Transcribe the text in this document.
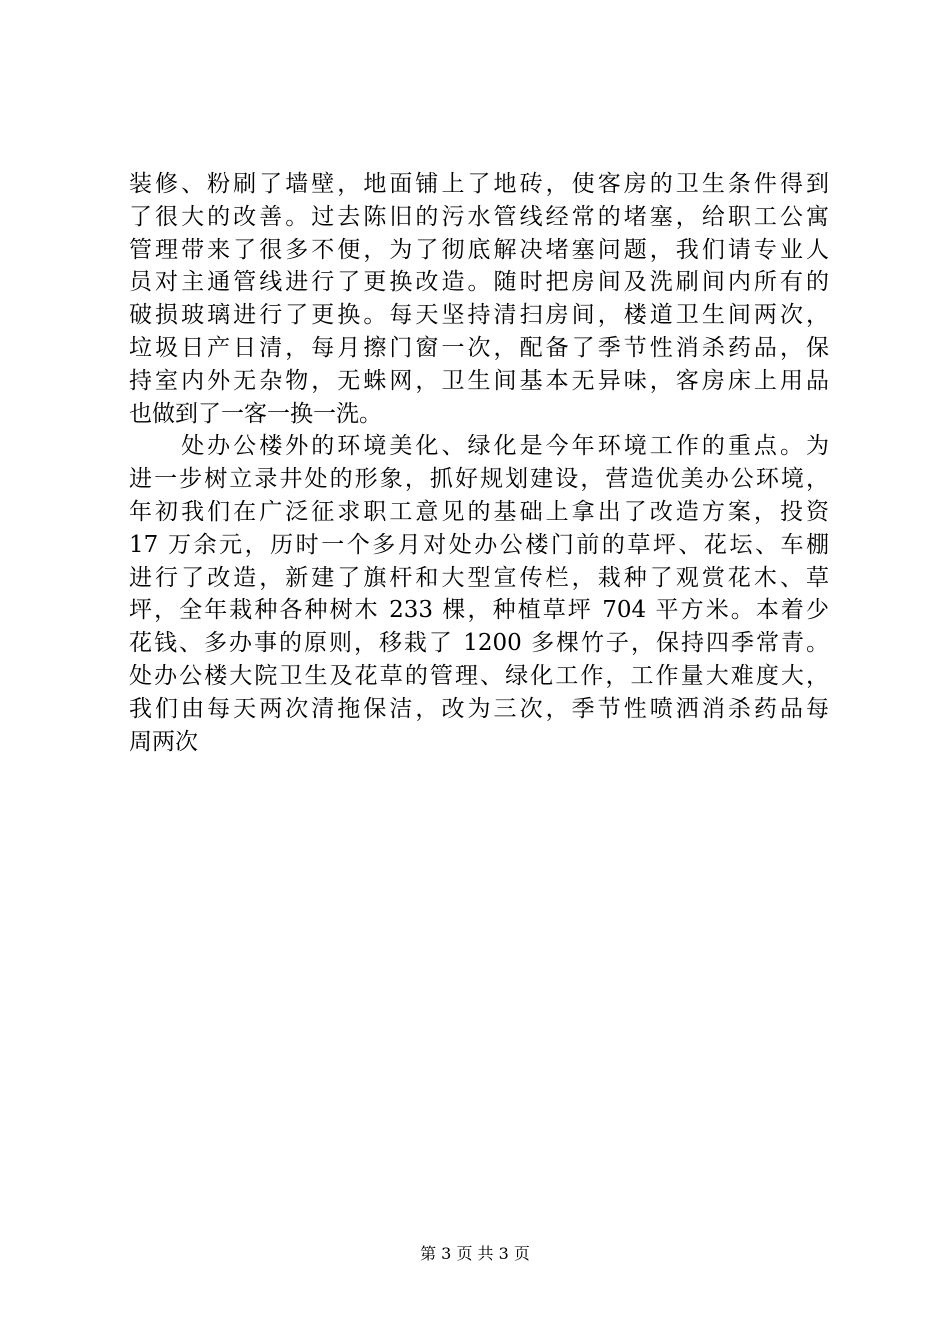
装修、粉刷了墙壁，地面铺上了地砖，使客房的卫生条件得到
了很大的改善。过去陈旧的污水管线经常的堵塞，给职工公寓
管理带来了很多不便，为了彻底解决堵塞问题，我们请专业人
员对主通管线进行了更换改造。随时把房间及洗刷间内所有的
破损玻璃进行了更换。每天坚持清扫房间，楼道卫生间两次，
垃圾日产日清，每月擦门窗一次，配备了季节性消杀药品，保
持室内外无杂物，无蛛网，卫生间基本无异味，客房床上用品
也做到了一客一换一洗。
　　处办公楼外的环境美化、绿化是今年环境工作的重点。为
进一步树立录井处的形象，抓好规划建设，营造优美办公环境，
年初我们在广泛征求职工意见的基础上拿出了改造方案，投资
17 万余元，历时一个多月对处办公楼门前的草坪、花坛、车棚
进行了改造，新建了旗杆和大型宣传栏，栽种了观赏花木、草
坪，全年栽种各种树木 233 棵，种植草坪 704 平方米。本着少
花钱、多办事的原则，移栽了 1200 多棵竹子，保持四季常青。
处办公楼大院卫生及花草的管理、绿化工作，工作量大难度大，
我们由每天两次清拖保洁，改为三次，季节性喷洒消杀药品每
周两次
第 3 页 共 3 页
